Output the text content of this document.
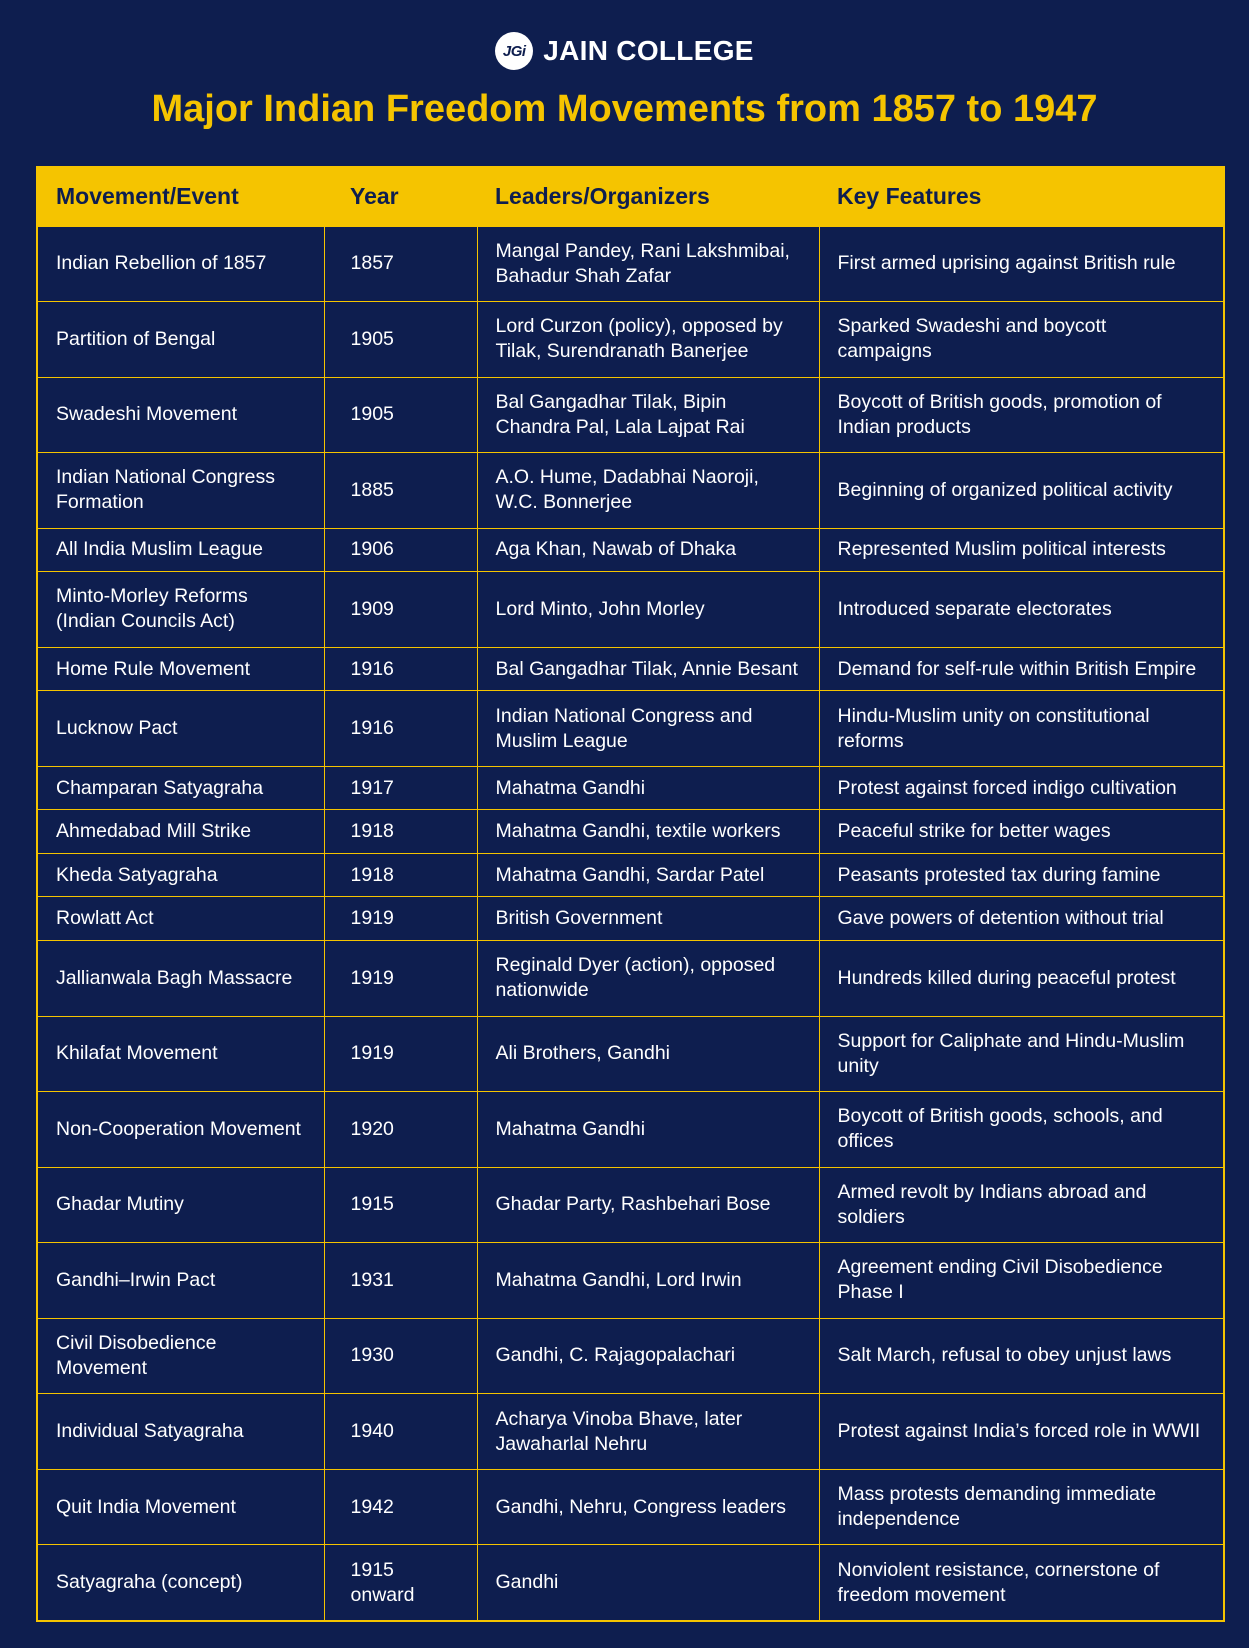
JGi JAIN COLLEGE
Major Indian Freedom Movements from 1857 to 1947
Movement/Event	Year	Leaders/Organizers	Key Features
Indian Rebellion of 1857	1857	Mangal Pandey, Rani Lakshmibai, Bahadur Shah Zafar	First armed uprising against British rule
Partition of Bengal	1905	Lord Curzon (policy), opposed by Tilak, Surendranath Banerjee	Sparked Swadeshi and boycott campaigns
Swadeshi Movement	1905	Bal Gangadhar Tilak, Bipin Chandra Pal, Lala Lajpat Rai	Boycott of British goods, promotion of Indian products
Indian National Congress Formation	1885	A.O. Hume, Dadabhai Naoroji, W.C. Bonnerjee	Beginning of organized political activity
All India Muslim League	1906	Aga Khan, Nawab of Dhaka	Represented Muslim political interests
Minto-Morley Reforms (Indian Councils Act)	1909	Lord Minto, John Morley	Introduced separate electorates
Home Rule Movement	1916	Bal Gangadhar Tilak, Annie Besant	Demand for self-rule within British Empire
Lucknow Pact	1916	Indian National Congress and Muslim League	Hindu-Muslim unity on constitutional reforms
Champaran Satyagraha	1917	Mahatma Gandhi	Protest against forced indigo cultivation
Ahmedabad Mill Strike	1918	Mahatma Gandhi, textile workers	Peaceful strike for better wages
Kheda Satyagraha	1918	Mahatma Gandhi, Sardar Patel	Peasants protested tax during famine
Rowlatt Act	1919	British Government	Gave powers of detention without trial
Jallianwala Bagh Massacre	1919	Reginald Dyer (action), opposed nationwide	Hundreds killed during peaceful protest
Khilafat Movement	1919	Ali Brothers, Gandhi	Support for Caliphate and Hindu-Muslim unity
Non-Cooperation Movement	1920	Mahatma Gandhi	Boycott of British goods, schools, and offices
Ghadar Mutiny	1915	Ghadar Party, Rashbehari Bose	Armed revolt by Indians abroad and soldiers
Gandhi–Irwin Pact	1931	Mahatma Gandhi, Lord Irwin	Agreement ending Civil Disobedience Phase I
Civil Disobedience Movement	1930	Gandhi, C. Rajagopalachari	Salt March, refusal to obey unjust laws
Individual Satyagraha	1940	Acharya Vinoba Bhave, later Jawaharlal Nehru	Protest against India’s forced role in WWII
Quit India Movement	1942	Gandhi, Nehru, Congress leaders	Mass protests demanding immediate independence
Satyagraha (concept)	1915 onward	Gandhi	Nonviolent resistance, cornerstone of freedom movement
